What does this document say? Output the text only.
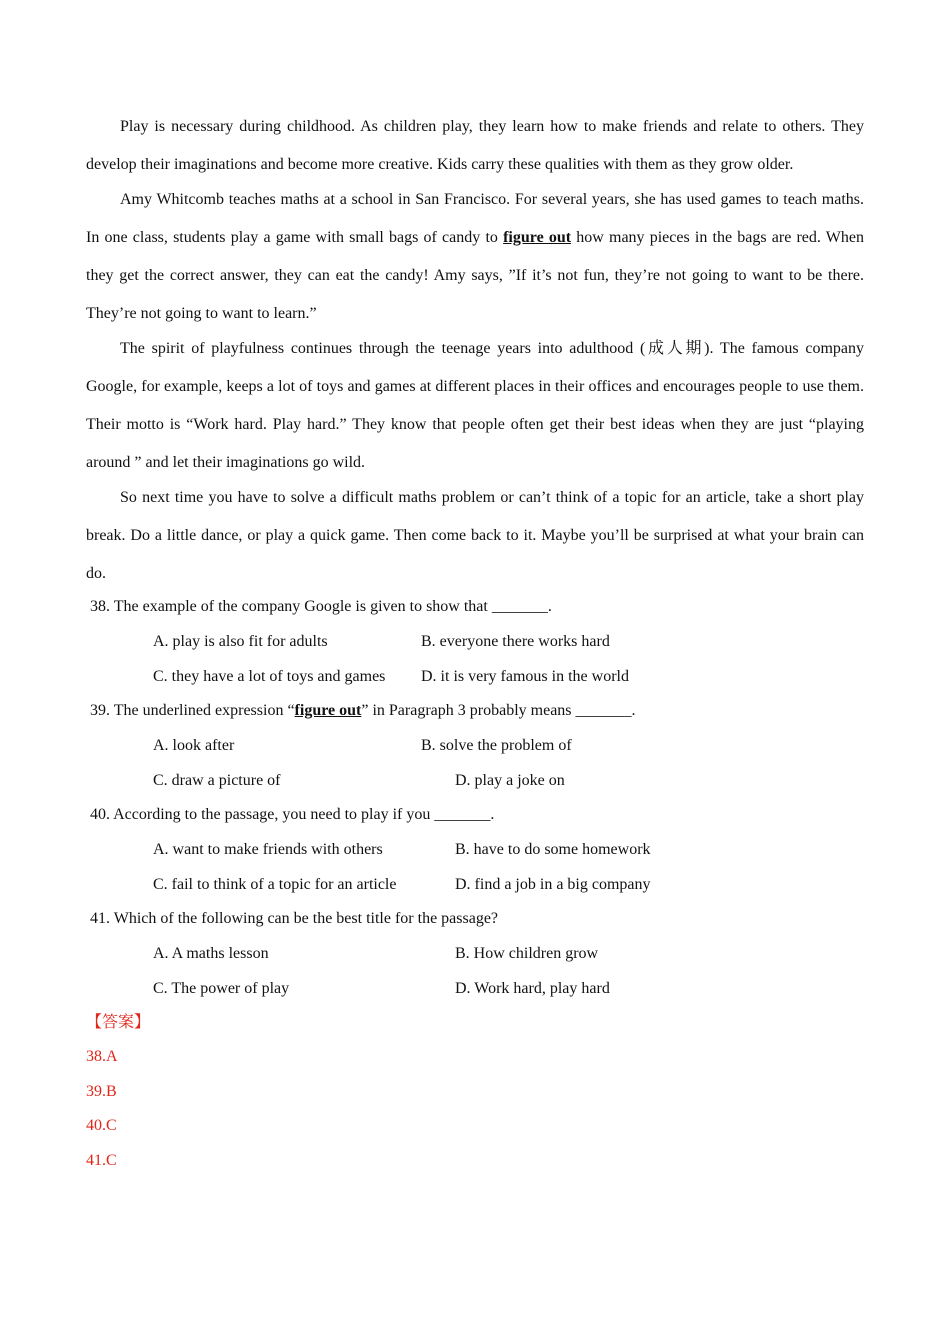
Play is necessary during childhood. As children play, they learn how to make friends and relate to others. They develop their imaginations and become more creative. Kids carry these qualities with them as they grow older.

Amy Whitcomb teaches maths at a school in San Francisco. For several years, she has used games to teach maths. In one class, students play a game with small bags of candy to figure out how many pieces in the bags are red. When they get the correct answer, they can eat the candy! Amy says, ”If it’s not fun, they’re not going to want to be there. They’re not going to want to learn.”

The spirit of playfulness continues through the teenage years into adulthood (成人期). The famous company Google, for example, keeps a lot of toys and games at different places in their offices and encourages people to use them. Their motto is “Work hard. Play hard.” They know that people often get their best ideas when they are just “playing around ” and let their imaginations go wild.

So next time you have to solve a difficult maths problem or can’t think of a topic for an article, take a short play break. Do a little dance, or play a quick game. Then come back to it. Maybe you’ll be surprised at what your brain can do.

38. The example of the company Google is given to show that _______.
A. play is also fit for adults	B. everyone there works hard
C. they have a lot of toys and games D. it is very famous in the world
39. The underlined expression “figure out” in Paragraph 3 probably means _______.
A. look after	B. solve the problem of
C. draw a picture of	D. play a joke on
40. According to the passage, you need to play if you _______.
A. want to make friends with others	B. have to do some homework
C. fail to think of a topic for an article	D. find a job in a big company
41. Which of the following can be the best title for the passage?
A. A maths lesson	B. How children grow
C. The power of play	D. Work hard, play hard
【答案】
38.A
39.B
40.C
41.C
